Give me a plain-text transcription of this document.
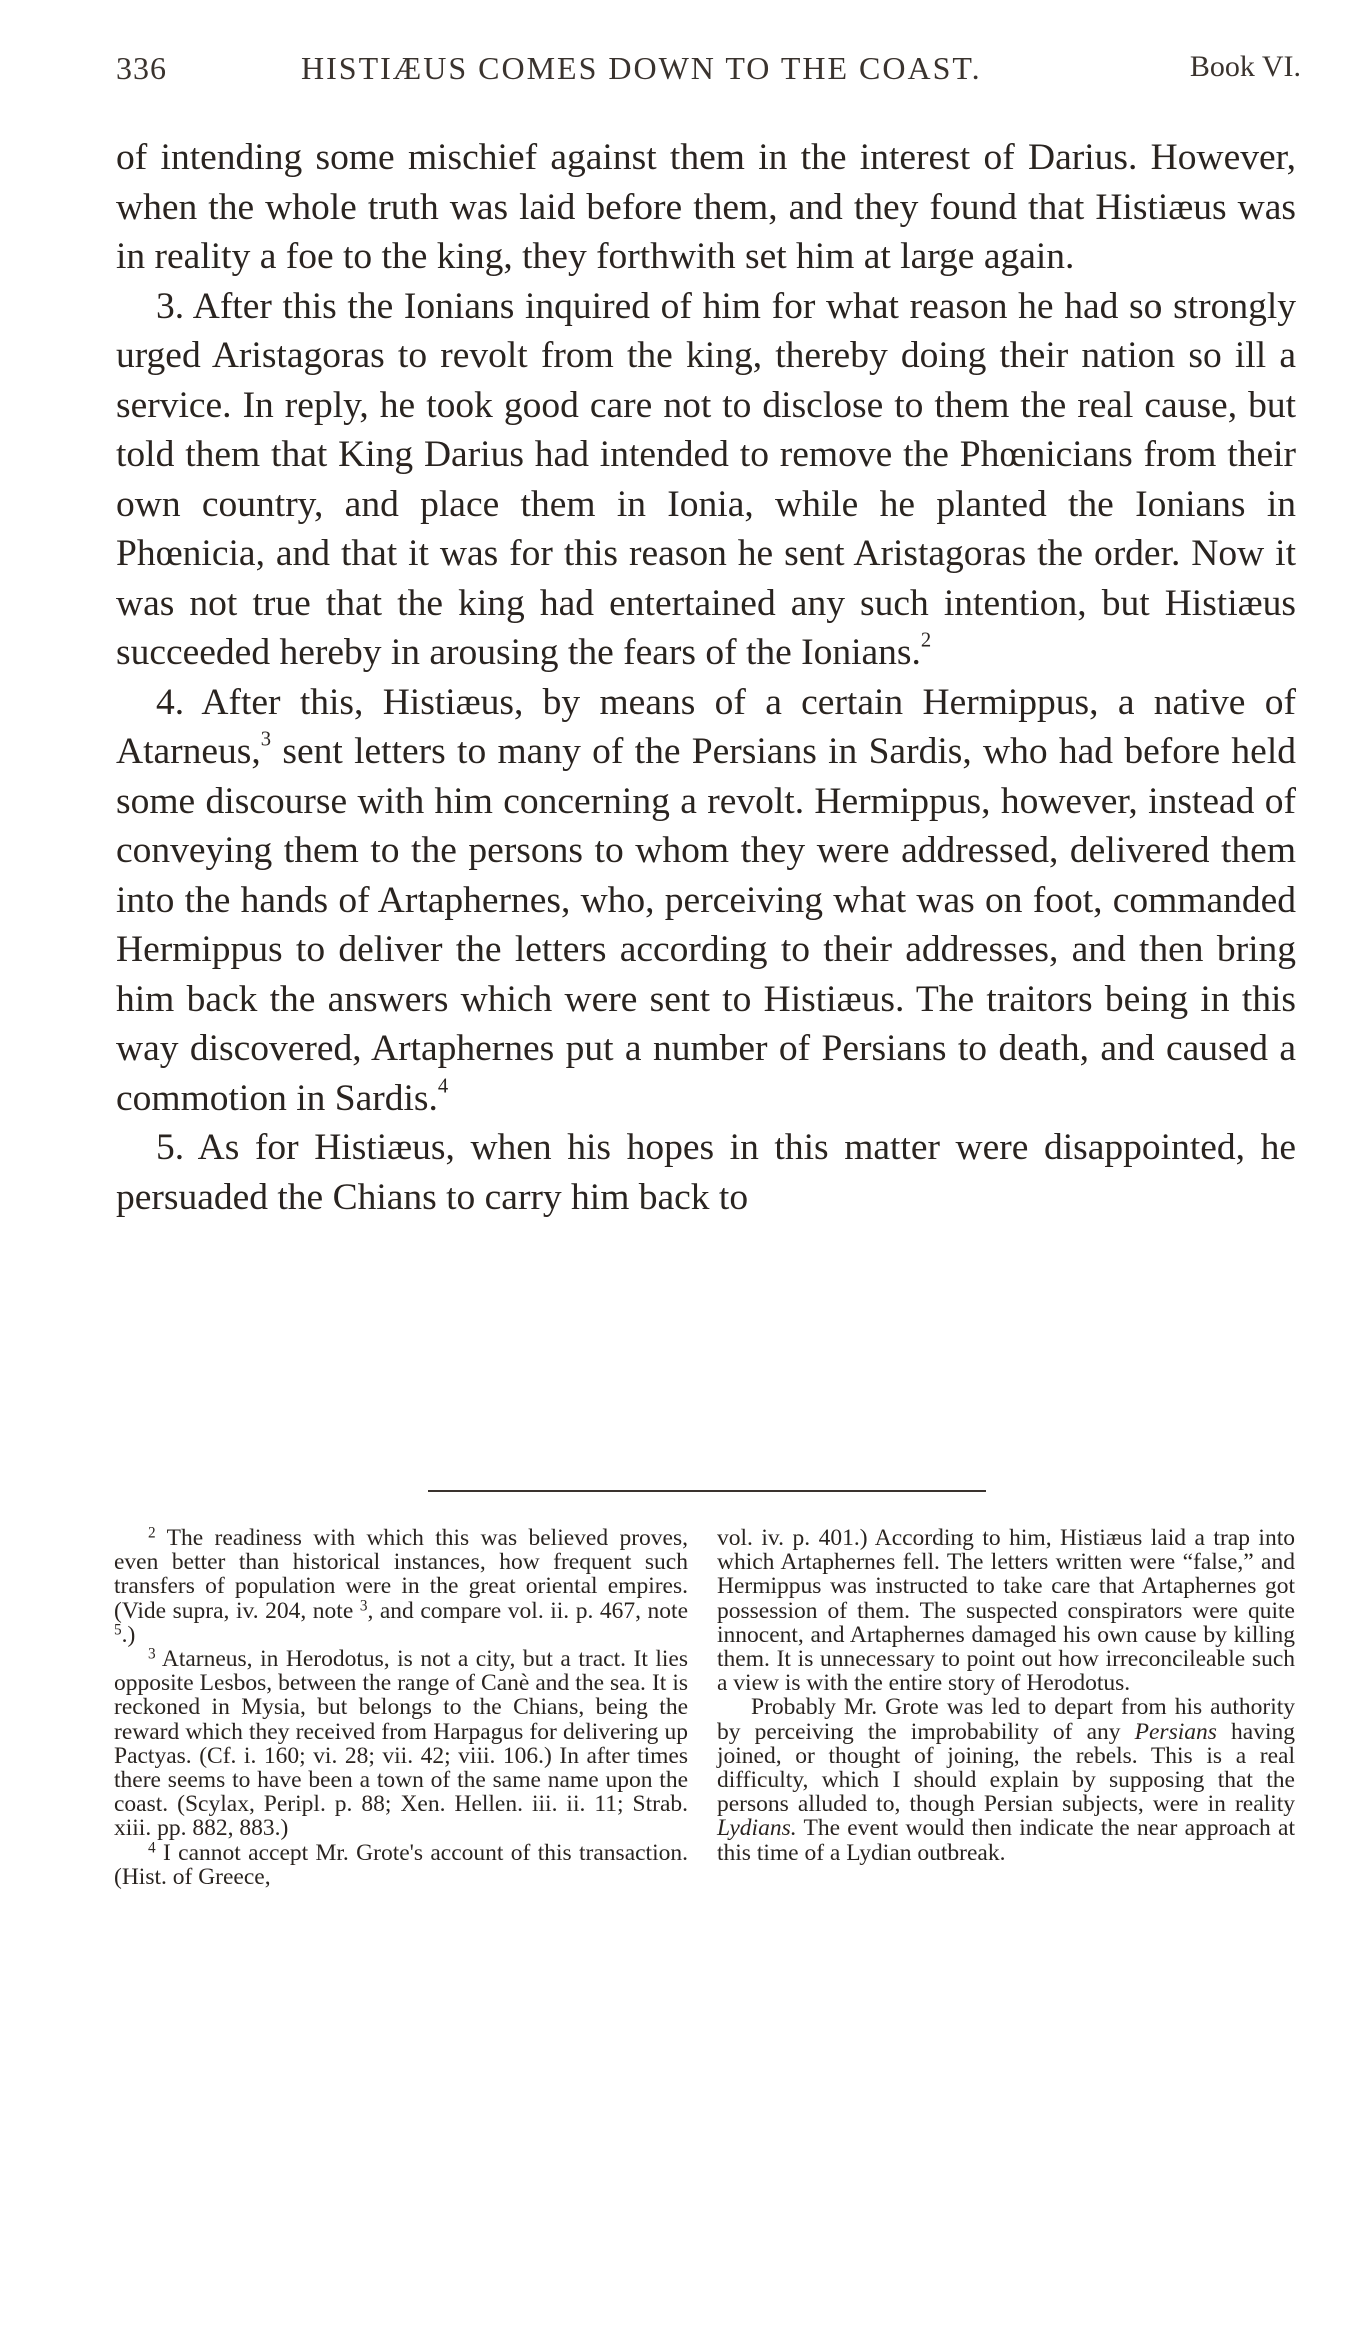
336	HISTIÆUS COMES DOWN TO THE COAST.	Book VI.

of intending some mischief against them in the interest of Darius. However, when the whole truth was laid before them, and they found that Histiæus was in reality a foe to the king, they forthwith set him at large again.

3. After this the Ionians inquired of him for what reason he had so strongly urged Aristagoras to revolt from the king, thereby doing their nation so ill a service. In reply, he took good care not to disclose to them the real cause, but told them that King Darius had intended to remove the Phœnicians from their own country, and place them in Ionia, while he planted the Ionians in Phœnicia, and that it was for this reason he sent Aristagoras the order. Now it was not true that the king had entertained any such intention, but Histiæus succeeded hereby in arousing the fears of the Ionians.$^2$

4. After this, Histiæus, by means of a certain Hermippus, a native of Atarneus,$^3$ sent letters to many of the Persians in Sardis, who had before held some discourse with him concerning a revolt. Hermippus, however, instead of conveying them to the persons to whom they were addressed, delivered them into the hands of Artaphernes, who, perceiving what was on foot, commanded Hermippus to deliver the letters according to their addresses, and then bring him back the answers which were sent to Histiæus. The traitors being in this way discovered, Artaphernes put a number of Persians to death, and caused a commotion in Sardis.$^4$

5. As for Histiæus, when his hopes in this matter were disappointed, he persuaded the Chians to carry him back to

$^2$ The readiness with which this was believed proves, even better than historical instances, how frequent such transfers of population were in the great oriental empires. (Vide supra, iv. 204, note $^3$, and compare vol. ii. p. 467, note $^5$.)

$^3$ Atarneus, in Herodotus, is not a city, but a tract. It lies opposite Lesbos, between the range of Canè and the sea. It is reckoned in Mysia, but belongs to the Chians, being the reward which they received from Harpagus for delivering up Pactyas. (Cf. i. 160; vi. 28; vii. 42; viii. 106.) In after times there seems to have been a town of the same name upon the coast. (Scylax, Peripl. p. 88; Xen. Hellen. iii. ii. 11; Strab. xiii. pp. 882, 883.)

$^4$ I cannot accept Mr. Grote's account of this transaction. (Hist. of Greece,

vol. iv. p. 401.) According to him, Histiæus laid a trap into which Artaphernes fell. The letters written were “false,” and Hermippus was instructed to take care that Artaphernes got possession of them. The suspected conspirators were quite innocent, and Artaphernes damaged his own cause by killing them. It is unnecessary to point out how irreconcileable such a view is with the entire story of Herodotus.

Probably Mr. Grote was led to depart from his authority by perceiving the improbability of any Persians having joined, or thought of joining, the rebels. This is a real difficulty, which I should explain by supposing that the persons alluded to, though Persian subjects, were in reality Lydians. The event would then indicate the near approach at this time of a Lydian outbreak.
